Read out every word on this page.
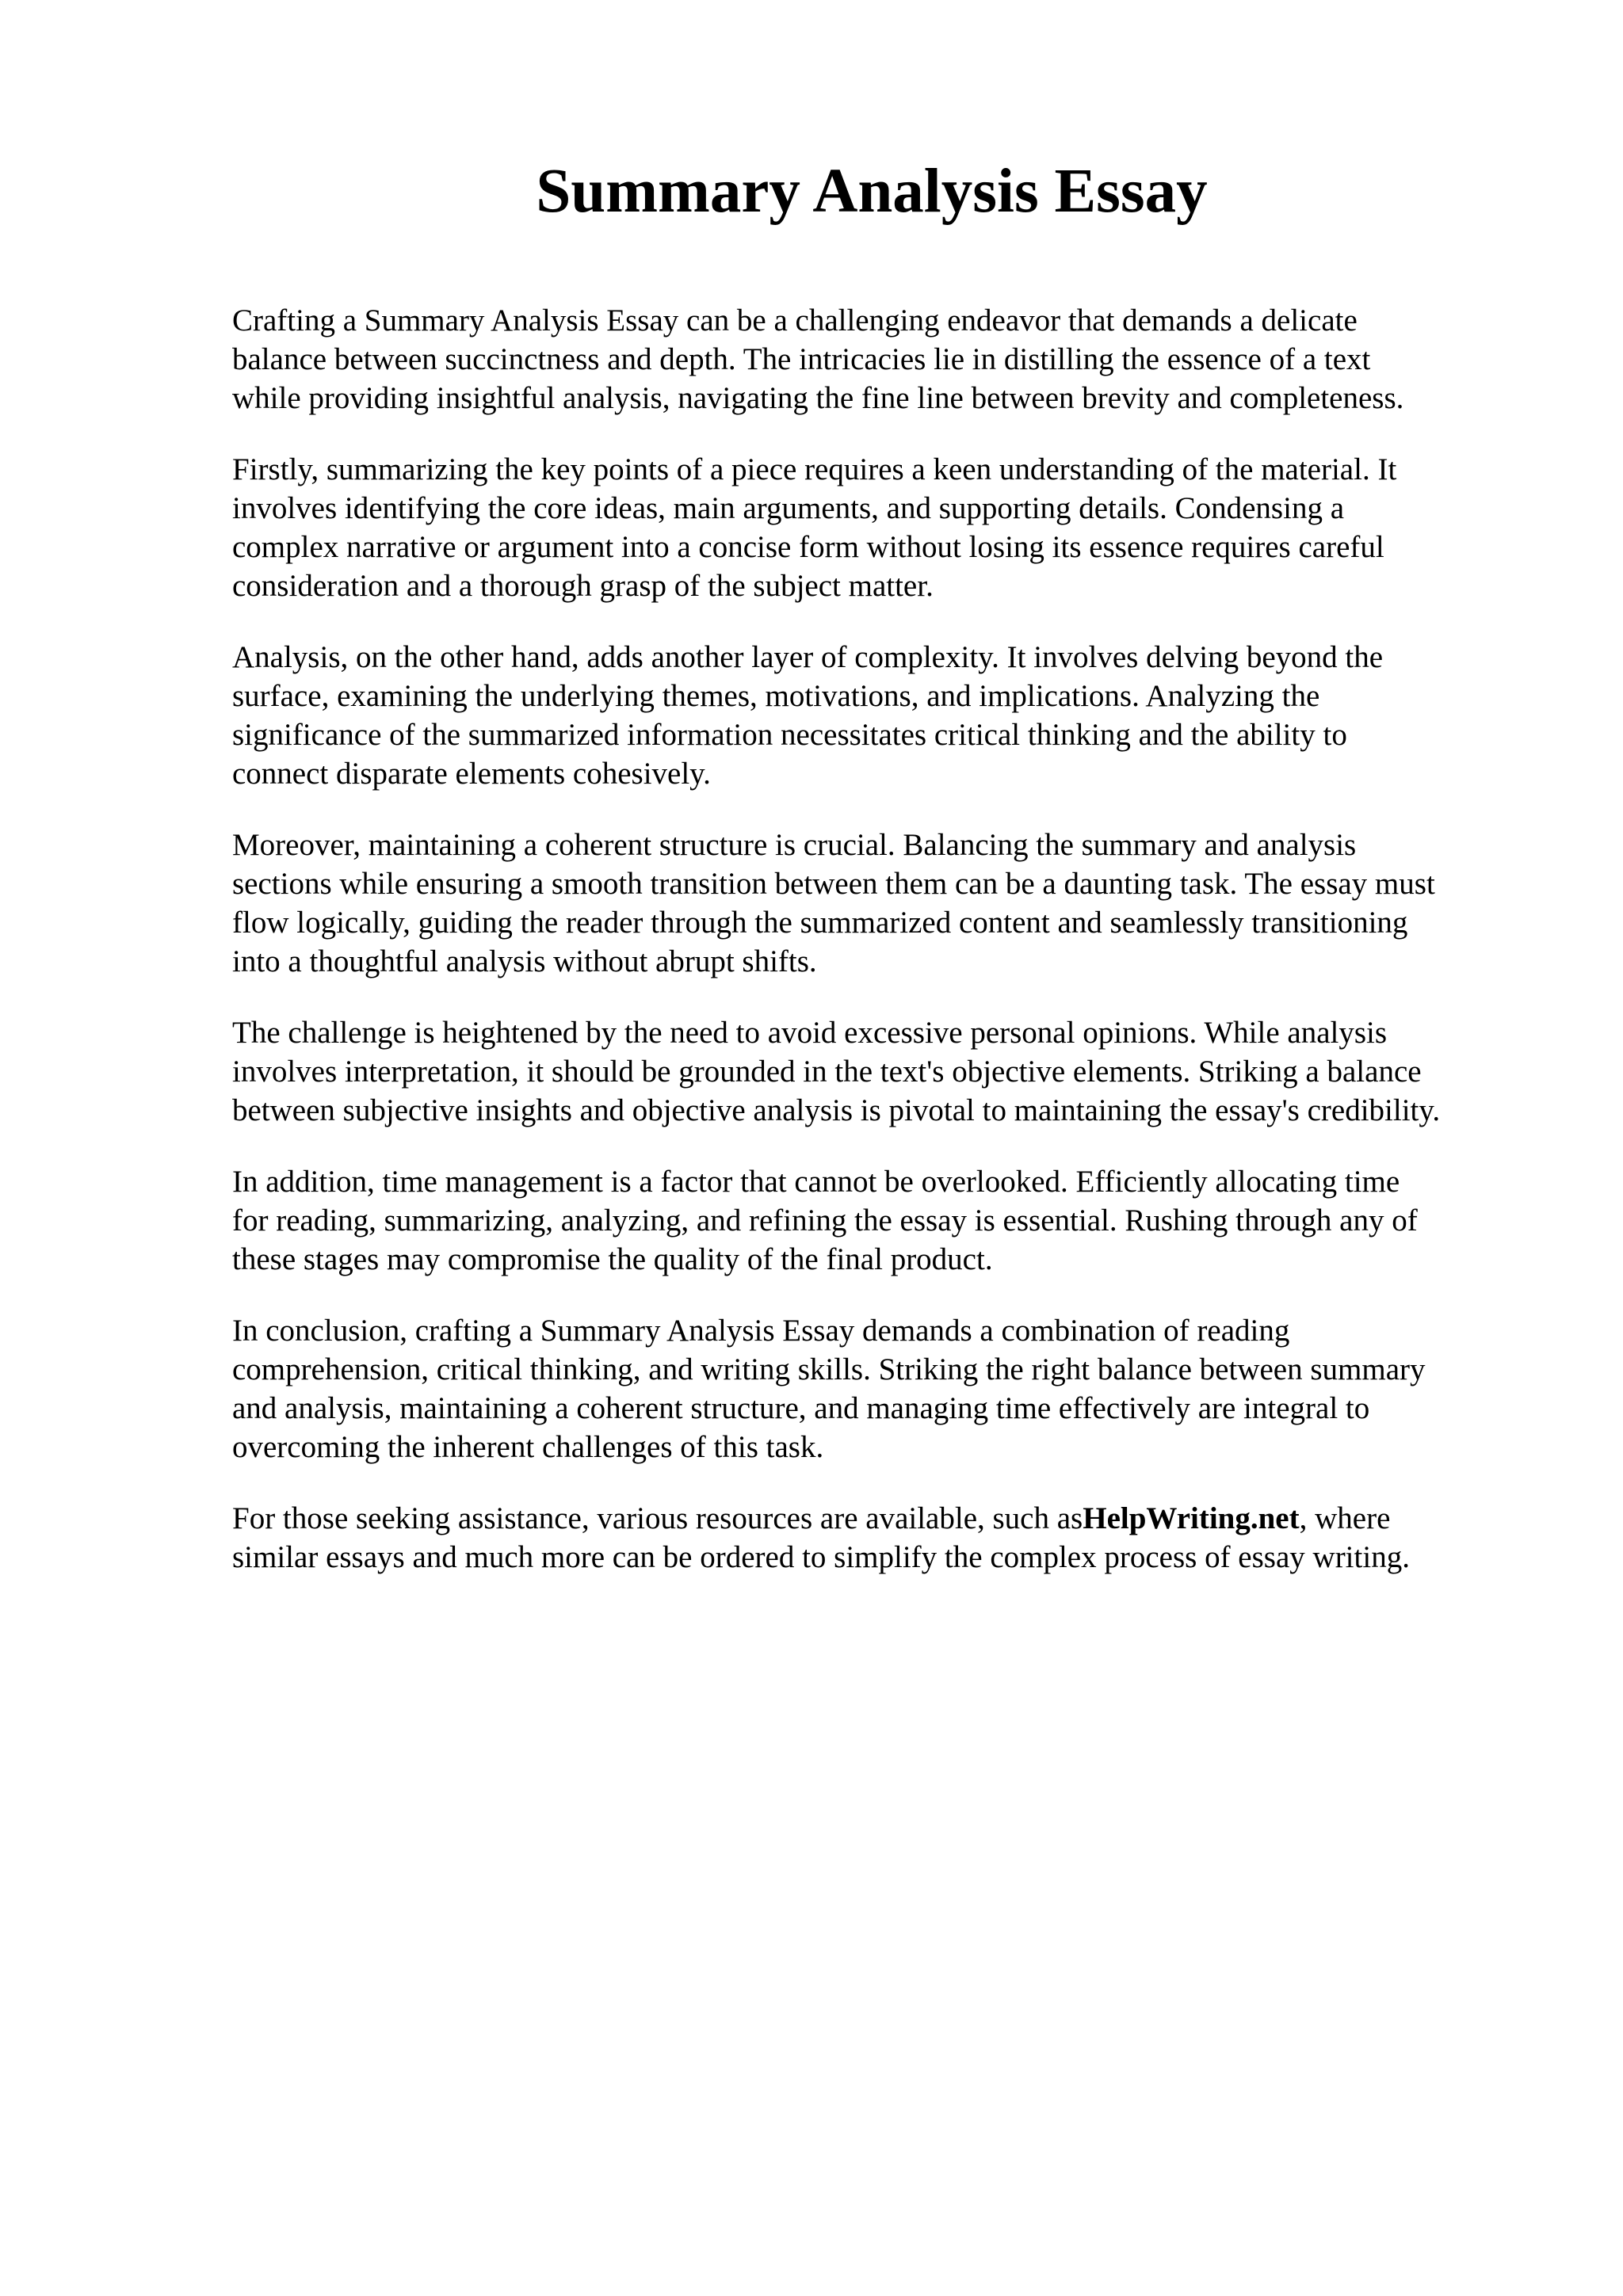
Summary Analysis Essay

Crafting a Summary Analysis Essay can be a challenging endeavor that demands a delicate
balance between succinctness and depth. The intricacies lie in distilling the essence of a text
while providing insightful analysis, navigating the fine line between brevity and completeness.

Firstly, summarizing the key points of a piece requires a keen understanding of the material. It
involves identifying the core ideas, main arguments, and supporting details. Condensing a
complex narrative or argument into a concise form without losing its essence requires careful
consideration and a thorough grasp of the subject matter.

Analysis, on the other hand, adds another layer of complexity. It involves delving beyond the
surface, examining the underlying themes, motivations, and implications. Analyzing the
significance of the summarized information necessitates critical thinking and the ability to
connect disparate elements cohesively.

Moreover, maintaining a coherent structure is crucial. Balancing the summary and analysis
sections while ensuring a smooth transition between them can be a daunting task. The essay must
flow logically, guiding the reader through the summarized content and seamlessly transitioning
into a thoughtful analysis without abrupt shifts.

The challenge is heightened by the need to avoid excessive personal opinions. While analysis
involves interpretation, it should be grounded in the text's objective elements. Striking a balance
between subjective insights and objective analysis is pivotal to maintaining the essay's credibility.

In addition, time management is a factor that cannot be overlooked. Efficiently allocating time
for reading, summarizing, analyzing, and refining the essay is essential. Rushing through any of
these stages may compromise the quality of the final product.

In conclusion, crafting a Summary Analysis Essay demands a combination of reading
comprehension, critical thinking, and writing skills. Striking the right balance between summary
and analysis, maintaining a coherent structure, and managing time effectively are integral to
overcoming the inherent challenges of this task.

For those seeking assistance, various resources are available, such asHelpWriting.net, where
similar essays and much more can be ordered to simplify the complex process of essay writing.
